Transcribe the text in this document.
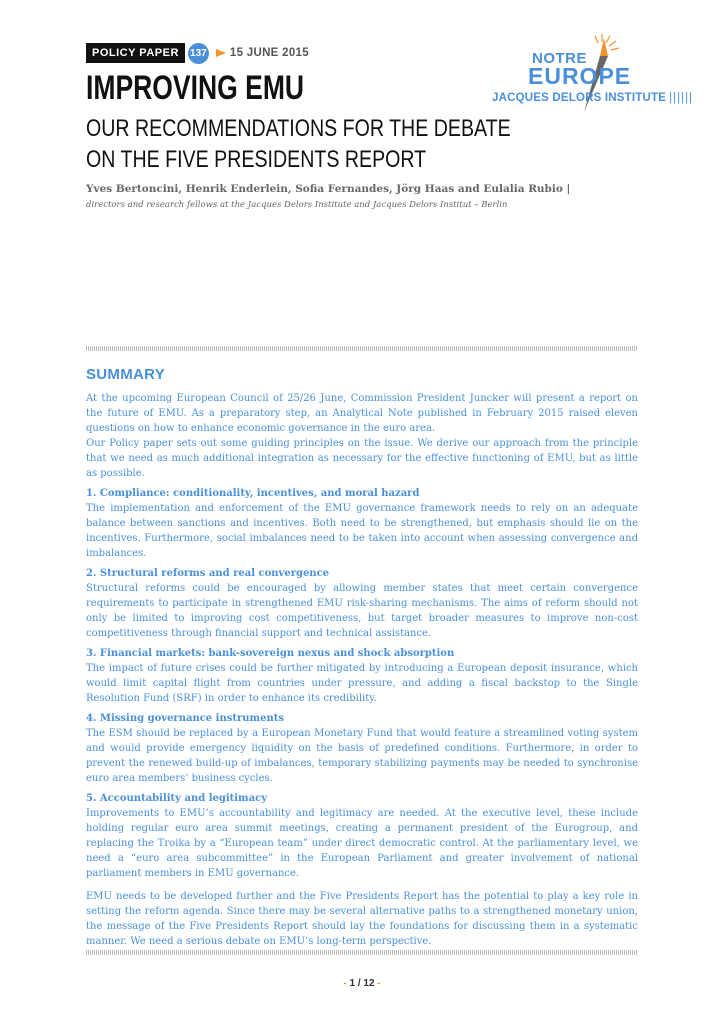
POLICY PAPER	137 15 JUNE 2015	NOTRE
EUROPE
JACQUES DELORS INSTITUTE ||||||
IMPROVING EMU
OUR RECOMMENDATIONS FOR THE DEBATE
ON THE FIVE PRESIDENTS REPORT
Yves Bertoncini, Henrik Enderlein, Sofia Fernandes, Jörg Haas and Eulalia Rubio |
directors and research fellows at the Jacques Delors Institute and Jacques Delors Institut – Berlin
SUMMARY

At the upcoming European Council of 25/26 June, Commission President Juncker will present a report on the future of EMU. As a preparatory step, an Analytical Note published in February 2015 raised eleven questions on how to enhance economic governance in the euro area.

Our Policy paper sets out some guiding principles on the issue. We derive our approach from the principle that we need as much additional integration as necessary for the effective functioning of EMU, but as little as possible.

1. Compliance: conditionality, incentives, and moral hazard

The implementation and enforcement of the EMU governance framework needs to rely on an adequate balance between sanctions and incentives. Both need to be strengthened, but emphasis should lie on the incentives. Furthermore, social imbalances need to be taken into account when assessing convergence and imbalances.

2. Structural reforms and real convergence

Structural reforms could be encouraged by allowing member states that meet certain convergence requirements to participate in strengthened EMU risk-sharing mechanisms. The aims of reform should not only be limited to improving cost competitiveness, but target broader measures to improve non-cost competitiveness through financial support and technical assistance.

3. Financial markets: bank-sovereign nexus and shock absorption

The impact of future crises could be further mitigated by introducing a European deposit insurance, which would limit capital flight from countries under pressure, and adding a fiscal backstop to the Single Resolution Fund (SRF) in order to enhance its credibility.

4. Missing governance instruments

The ESM should be replaced by a European Monetary Fund that would feature a streamlined voting system and would provide emergency liquidity on the basis of predefined conditions. Furthermore, in order to prevent the renewed build-up of imbalances, temporary stabilizing payments may be needed to synchronise euro area members’ business cycles.

5. Accountability and legitimacy

Improvements to EMU’s accountability and legitimacy are needed. At the executive level, these include holding regular euro area summit meetings, creating a permanent president of the Eurogroup, and replacing the Troika by a “European team” under direct democratic control. At the parliamentary level, we need a “euro area subcommittee” in the European Parliament and greater involvement of national parliament members in EMU governance.

EMU needs to be developed further and the Five Presidents Report has the potential to play a key role in setting the reform agenda. Since there may be several alternative paths to a strengthened monetary union, the message of the Five Presidents Report should lay the foundations for discussing them in a systematic manner. We need a serious debate on EMU’s long-term perspective.

- 1 / 12 -
